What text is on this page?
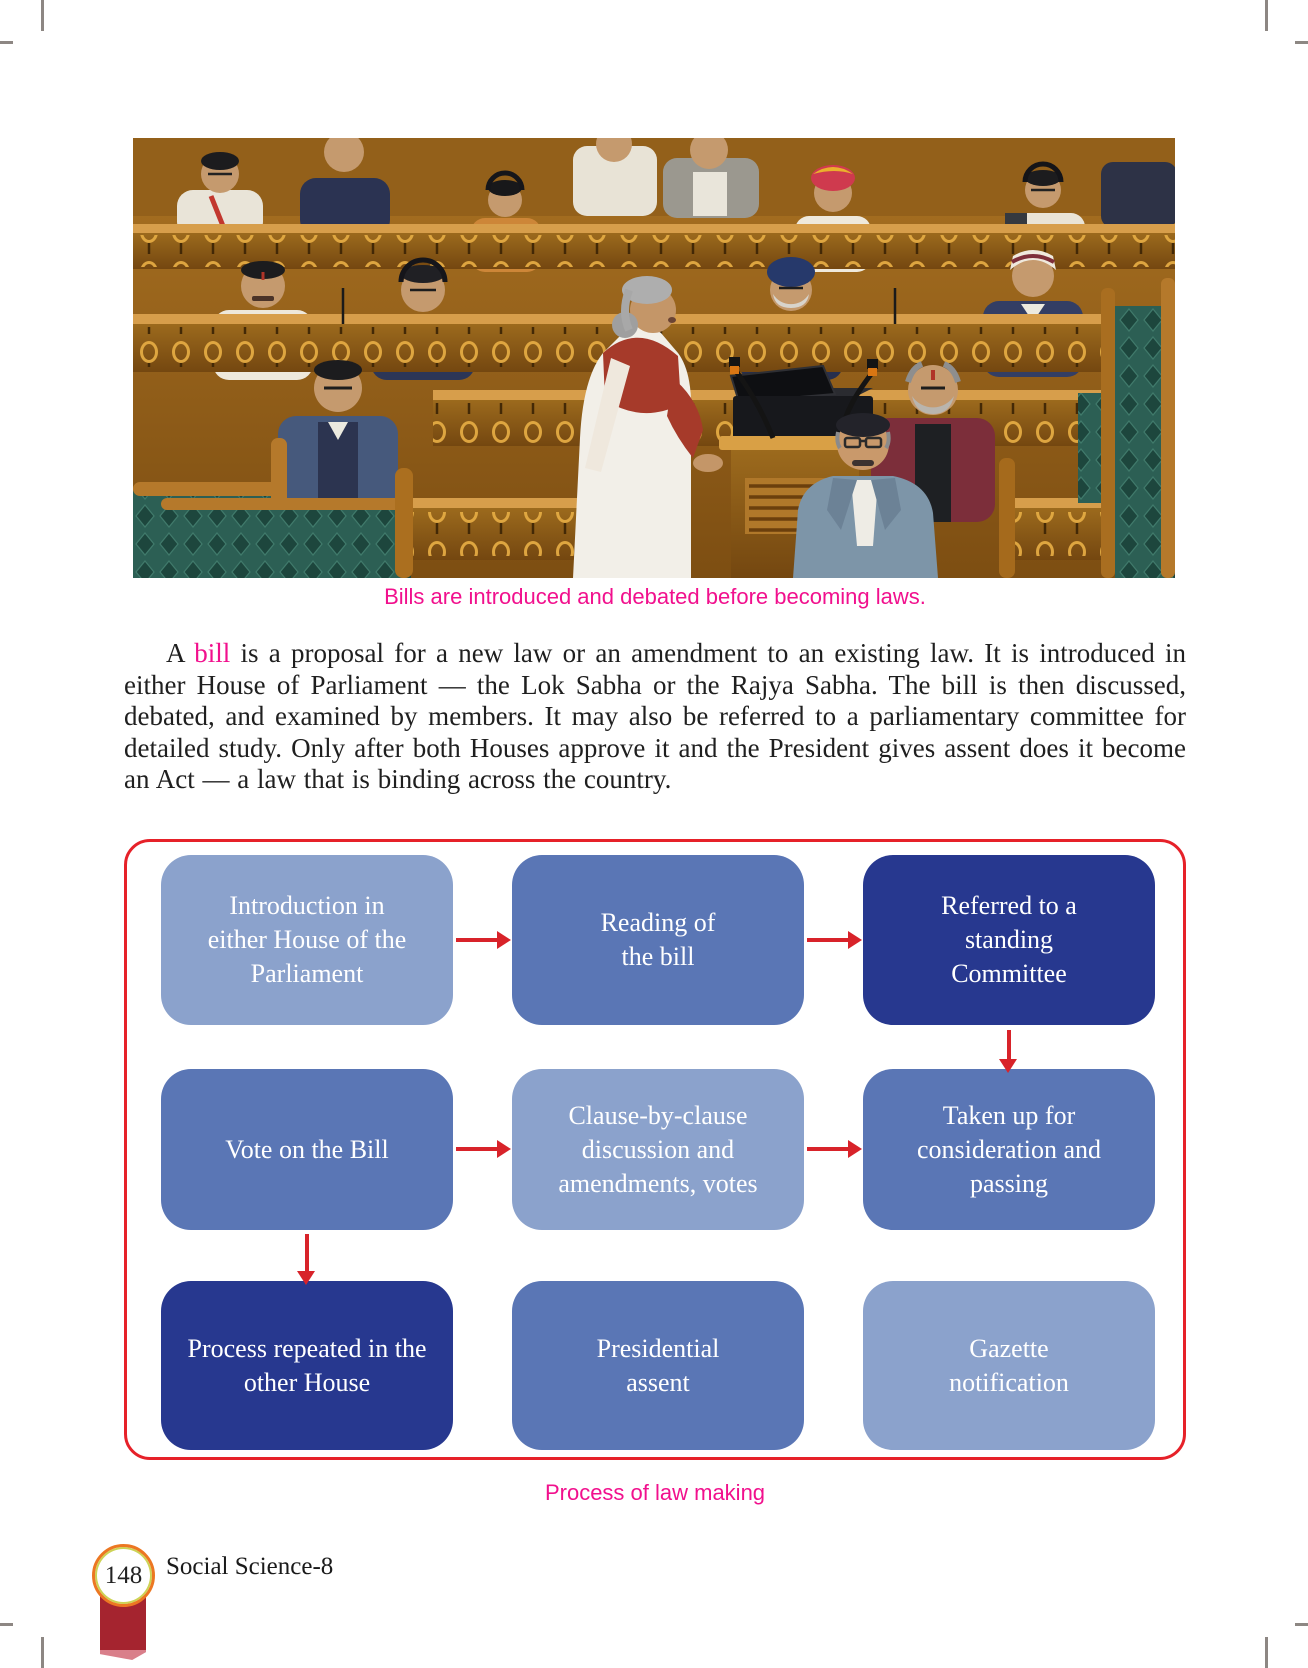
Bills are introduced and debated before becoming laws.

A bill is a proposal for a new law or an amendment to an existing law. It is introduced in either House of Parliament — the Lok Sabha or the Rajya Sabha. The bill is then discussed, debated, and examined by members. It may also be referred to a parliamentary committee for detailed study. Only after both Houses approve it and the President gives assent does it become an Act — a law that is binding across the country.

Introduction in either House of the Parliament
Reading of the bill
Referred to a standing Committee
Vote on the Bill
Clause-by-clause discussion and amendments, votes
Taken up for consideration and passing
Process repeated in the other House
Presidential assent
Gazette notification
Process of law making
148 Social Science-8
